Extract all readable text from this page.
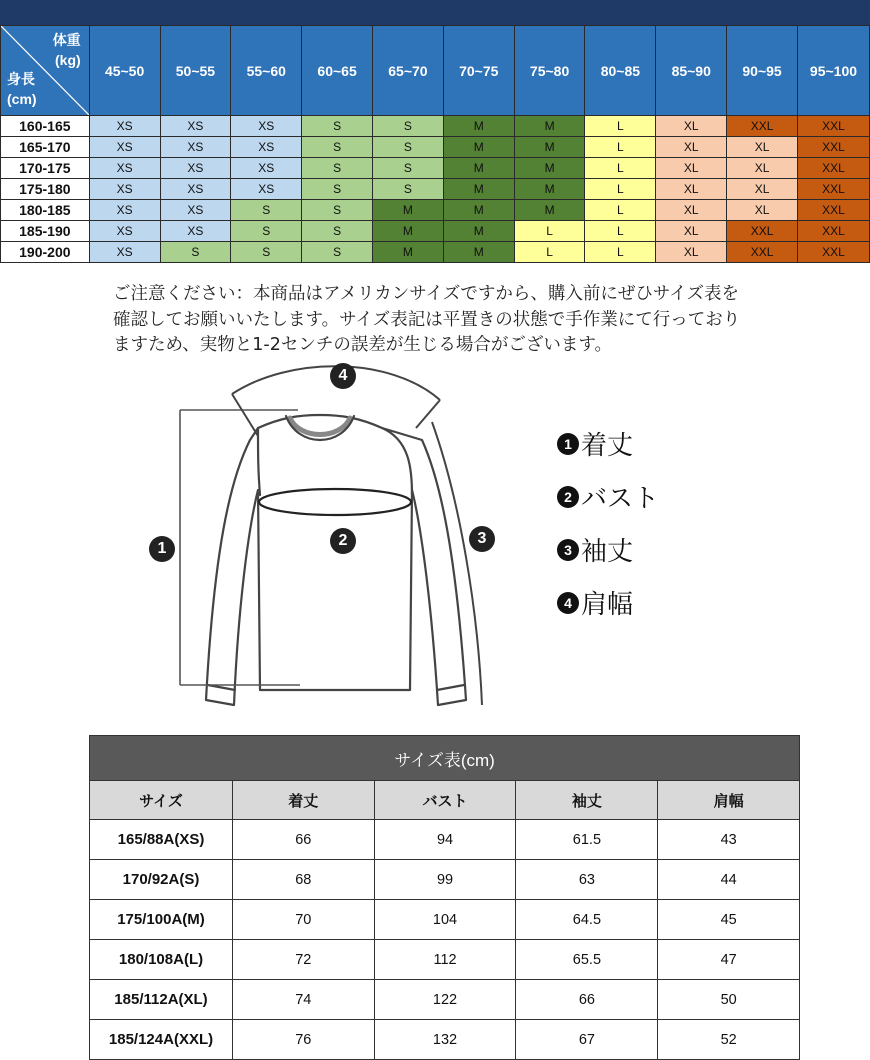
体重
(kg)
身長
(cm)	45~50	50~55	55~60	60~65	65~70	70~75	75~80	80~85	85~90	90~95	95~100
160-165	XS	XS	XS	S	S	M	M	L	XL	XXL	XXL
165-170	XS	XS	XS	S	S	M	M	L	XL	XL	XXL
170-175	XS	XS	XS	S	S	M	M	L	XL	XL	XXL
175-180	XS	XS	XS	S	S	M	M	L	XL	XL	XXL
180-185	XS	XS	S	S	M	M	M	L	XL	XL	XXL
185-190	XS	XS	S	S	M	M	L	L	XL	XXL	XXL
190-200	XS	S	S	S	M	M	L	L	XL	XXL	XXL
ご注意ください：本商品はアメリカンサイズですから、購入前にぜひサイズ表を
確認してお願いいたします。サイズ表記は平置きの状態で手作業にて行っており
ますため、実物と1-2センチの誤差が生じる場合がございます。
4
1	2	3
1 着丈
2 バスト
3 袖丈
4 肩幅
サイズ表(cm)				
サイズ	着丈	バスト	袖丈	肩幅
165/88A(XS)	66	94	61.5	43
170/92A(S)	68	99	63	44
175/100A(M)	70	104	64.5	45
180/108A(L)	72	112	65.5	47
185/112A(XL)	74	122	66	50
185/124A(XXL)	76	132	67	52
